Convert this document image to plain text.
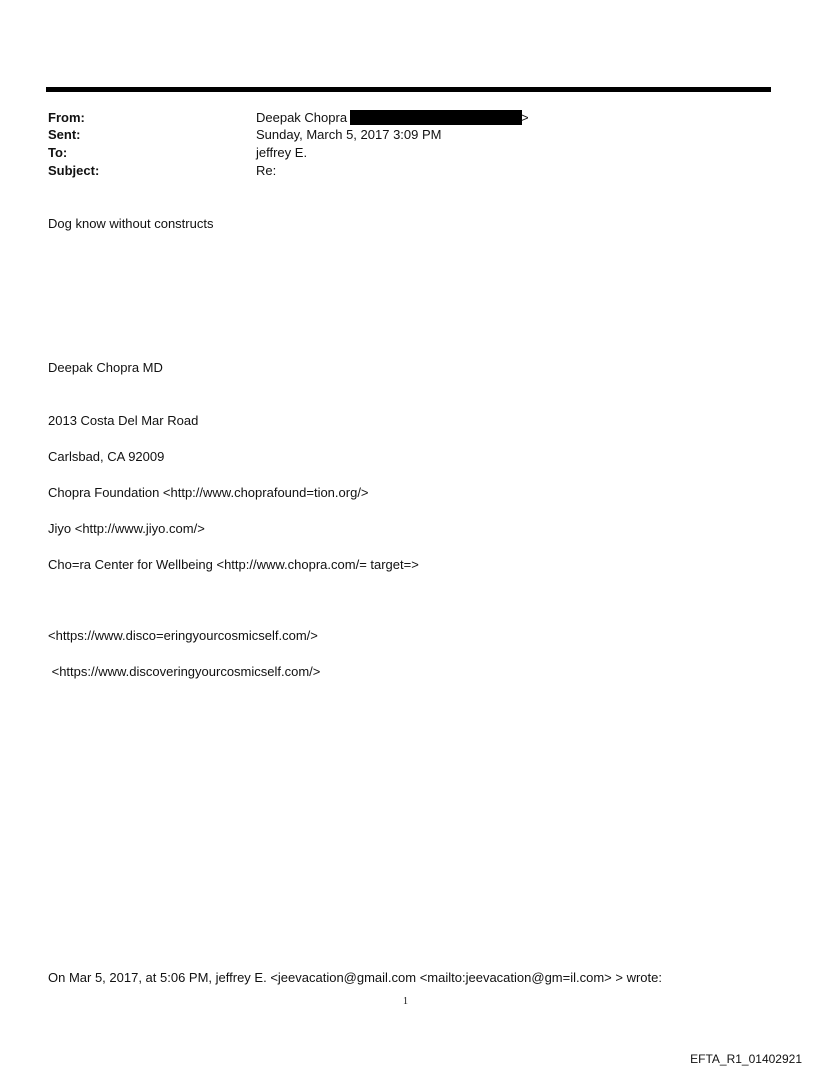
From:	Deepak Chopra	>
Sent:	Sunday, March 5, 2017 3:09 PM
To:	jeffrey E.
Subject:	Re:
Dog know without constructs
Deepak Chopra MD
2013 Costa Del Mar Road
Carlsbad, CA 92009
Chopra Foundation <http://www.choprafound=tion.org/>
Jiyo <http://www.jiyo.com/>
Cho=ra Center for Wellbeing <http://www.chopra.com/= target=>
<https://www.disco=eringyourcosmicself.com/>
<https://www.discoveringyourcosmicself.com/>
On Mar 5, 2017, at 5:06 PM, jeffrey E. <jeevacation@gmail.com <mailto:jeevacation@gm=il.com> > wrote:
1
EFTA_R1_01402921
